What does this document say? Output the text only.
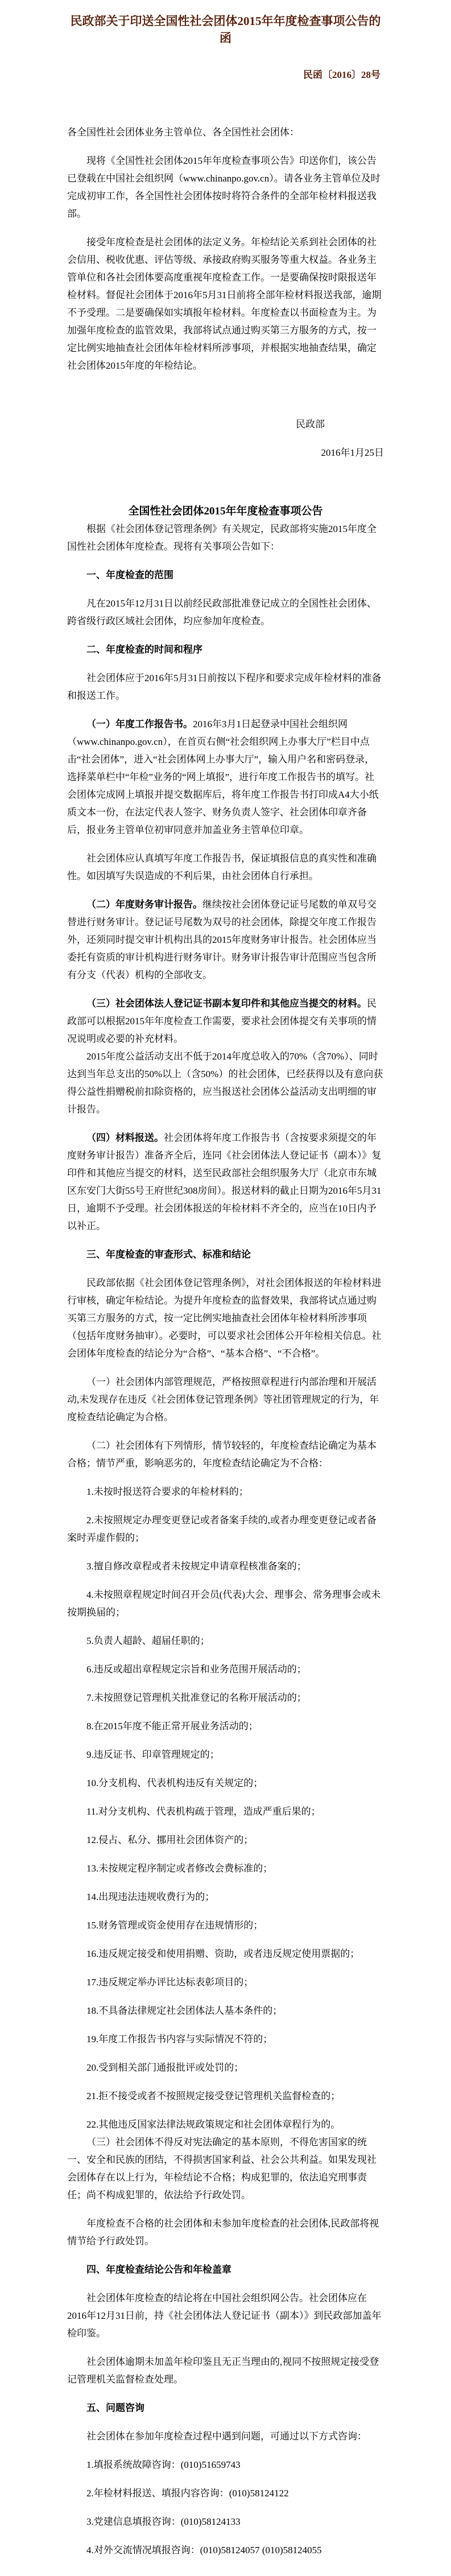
民政部关于印送全国性社会团体2015年年度检查事项公告的函

民函〔2016〕28号

各全国性社会团体业务主管单位、各全国性社会团体：

现将《全国性社会团体2015年年度检查事项公告》印送你们，该公告已登载在中国社会组织网（www.chinanpo.gov.cn）。请各业务主管单位及时完成初审工作，各全国性社会团体按时将符合条件的全部年检材料报送我部。

接受年度检查是社会团体的法定义务。年检结论关系到社会团体的社会信用、税收优惠、评估等级、承接政府购买服务等重大权益。各业务主管单位和各社会团体要高度重视年度检查工作。一是要确保按时限报送年检材料。督促社会团体于2016年5月31日前将全部年检材料报送我部，逾期不予受理。二是要确保如实填报年检材料。年度检查以书面检查为主。为加强年度检查的监管效果，我部将试点通过购买第三方服务的方式，按一定比例实地抽查社会团体年检材料所涉事项，并根据实地抽查结果，确定社会团体2015年度的年检结论。

民政部

2016年1月25日

全国性社会团体2015年年度检查事项公告

根据《社会团体登记管理条例》有关规定，民政部将实施2015年度全国性社会团体年度检查。现将有关事项公告如下：

一、年度检查的范围

凡在2015年12月31日以前经民政部批准登记成立的全国性社会团体、跨省级行政区域社会团体，均应参加年度检查。

二、年度检查的时间和程序

社会团体应于2016年5月31日前按以下程序和要求完成年检材料的准备和报送工作。

（一）年度工作报告书。2016年3月1日起登录中国社会组织网（www.chinanpo.gov.cn），在首页右侧“社会组织网上办事大厅”栏目中点击“社会团体”，进入“社会团体网上办事大厅”，输入用户名和密码登录，选择菜单栏中“年检”业务的“网上填报”，进行年度工作报告书的填写。社会团体完成网上填报并提交数据库后，将年度工作报告书打印成A4大小纸质文本一份，在法定代表人签字、财务负责人签字、社会团体印章齐备后，报业务主管单位初审同意并加盖业务主管单位印章。

社会团体应认真填写年度工作报告书，保证填报信息的真实性和准确性。如因填写失误造成的不利后果，由社会团体自行承担。

（二）年度财务审计报告。继续按社会团体登记证号尾数的单双号交替进行财务审计。登记证号尾数为双号的社会团体，除提交年度工作报告外，还须同时提交审计机构出具的2015年度财务审计报告。社会团体应当委托有资质的审计机构进行财务审计。财务审计报告审计范围应当包含所有分支（代表）机构的全部收支。

（三）社会团体法人登记证书副本复印件和其他应当提交的材料。民政部可以根据2015年年度检查工作需要，要求社会团体提交有关事项的情况说明或必要的补充材料。

2015年度公益活动支出不低于2014年度总收入的70%（含70%）、同时达到当年总支出的50%以上（含50%）的社会团体，已经获得以及有意向获得公益性捐赠税前扣除资格的，应当报送社会团体公益活动支出明细的审计报告。

（四）材料报送。社会团体将年度工作报告书（含按要求须提交的年度财务审计报告）准备齐全后，连同《社会团体法人登记证书（副本）》复印件和其他应当提交的材料，送至民政部社会组织服务大厅（北京市东城区东安门大街55号王府世纪308房间）。报送材料的截止日期为2016年5月31日，逾期不予受理。社会团体报送的年检材料不齐全的，应当在10日内予以补正。

三、年度检查的审查形式、标准和结论

民政部依据《社会团体登记管理条例》，对社会团体报送的年检材料进行审核，确定年检结论。为提升年度检查的监督效果，我部将试点通过购买第三方服务的方式，按一定比例实地抽查社会团体年检材料所涉事项（包括年度财务抽审）。必要时，可以要求社会团体公开年检相关信息。社会团体年度检查的结论分为“合格”、“基本合格”、“不合格”。

（一）社会团体内部管理规范，严格按照章程进行内部治理和开展活动,未发现存在违反《社会团体登记管理条例》等社团管理规定的行为，年度检查结论确定为合格。

（二）社会团体有下列情形，情节较轻的，年度检查结论确定为基本合格；情节严重，影响恶劣的，年度检查结论确定为不合格：

1.未按时报送符合要求的年检材料的；

2.未按照规定办理变更登记或者备案手续的,或者办理变更登记或者备案时弄虚作假的；

3.擅自修改章程或者未按规定申请章程核准备案的；

4.未按照章程规定时间召开会员(代表)大会、理事会、常务理事会或未按期换届的；

5.负责人超龄、超届任职的；

6.违反或超出章程规定宗旨和业务范围开展活动的；

7.未按照登记管理机关批准登记的名称开展活动的；

8.在2015年度不能正常开展业务活动的；

9.违反证书、印章管理规定的；

10.分支机构、代表机构违反有关规定的；

11.对分支机构、代表机构疏于管理，造成严重后果的；

12.侵占、私分、挪用社会团体资产的；

13.未按规定程序制定或者修改会费标准的；

14.出现违法违规收费行为的；

15.财务管理或资金使用存在违规情形的；

16.违反规定接受和使用捐赠、资助，或者违反规定使用票据的；

17.违反规定举办评比达标表彰项目的；

18.不具备法律规定社会团体法人基本条件的；

19.年度工作报告书内容与实际情况不符的；

20.受到相关部门通报批评或处罚的；

21.拒不接受或者不按照规定接受登记管理机关监督检查的；

22.其他违反国家法律法规政策规定和社会团体章程行为的。

（三）社会团体不得反对宪法确定的基本原则，不得危害国家的统一、安全和民族的团结，不得损害国家利益、社会公共利益。如果发现社会团体存在以上行为，年检结论不合格；构成犯罪的，依法追究刑事责任；尚不构成犯罪的，依法给予行政处罚。

年度检查不合格的社会团体和未参加年度检查的社会团体,民政部将视情节给予行政处罚。

四、年度检查结论公告和年检盖章

社会团体年度检查的结论将在中国社会组织网公告。社会团体应在2016年12月31日前，持《社会团体法人登记证书（副本）》到民政部加盖年检印鉴。

社会团体逾期未加盖年检印鉴且无正当理由的,视同不按照规定接受登记管理机关监督检查处理。

五、问题咨询

社会团体在参加年度检查过程中遇到问题，可通过以下方式咨询：

1.填报系统故障咨询：(010)51659743

2.年检材料报送、填报内容咨询：(010)58124122

3.党建信息填报咨询：(010)58124133

4.对外交流情况填报咨询：(010)58124057 (010)58124055
